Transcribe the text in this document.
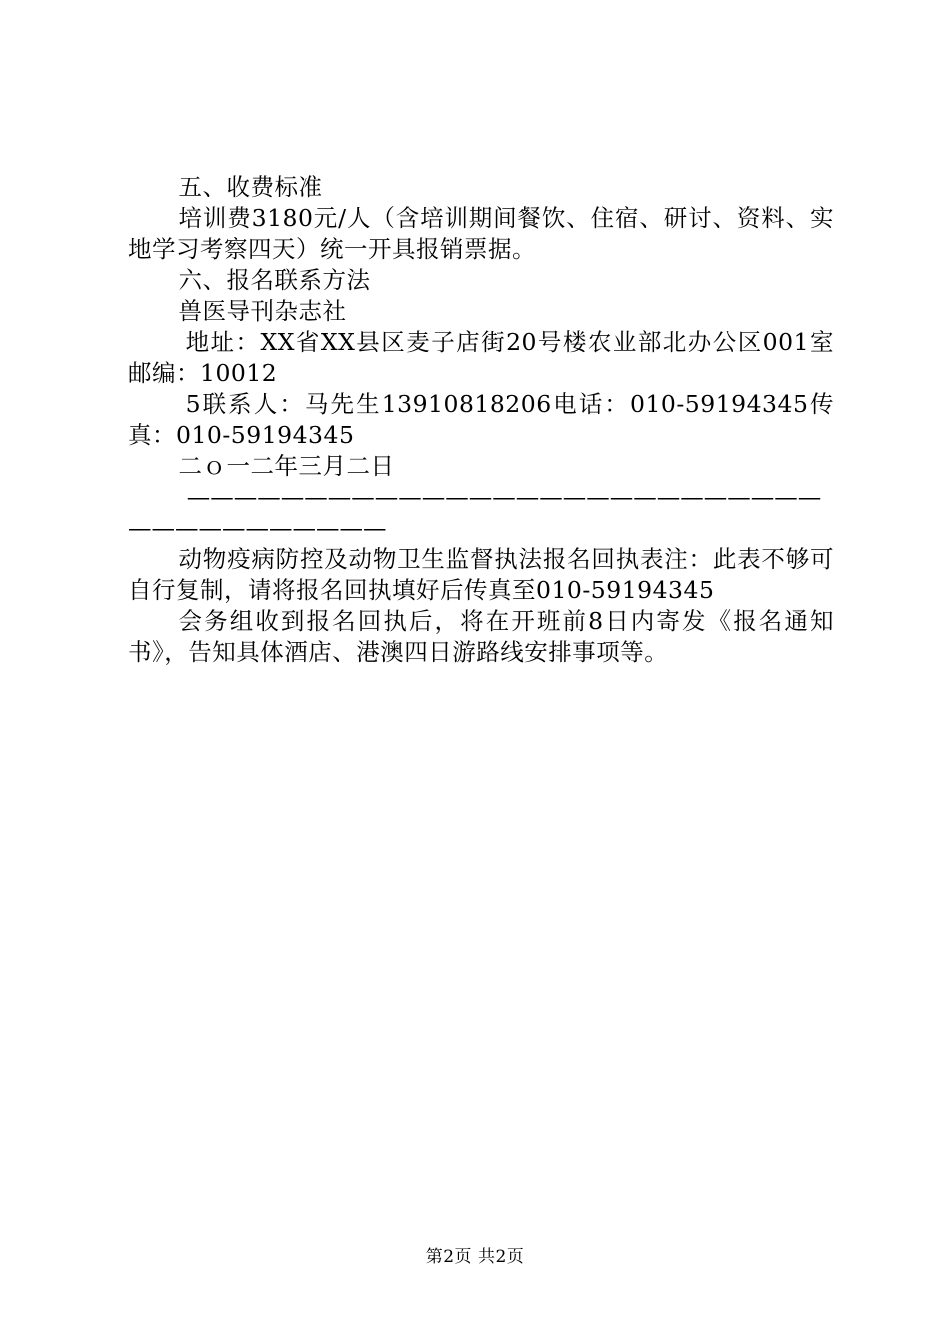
五、收费标准

培训费3180元/人（含培训期间餐饮、住宿、研讨、资料、实地学习考察四天）统一开具报销票据。

六、报名联系方法

兽医导刊杂志社

地址：XX省XX县区麦子店街20号楼农业部北办公区001室邮编：10012

5联系人：马先生13910818206电话：010-59194345传真：010-59194345

二ｏ一二年三月二日

——————————————————————————————————————

动物疫病防控及动物卫生监督执法报名回执表注：此表不够可自行复制，请将报名回执填好后传真至010-59194345

会务组收到报名回执后，将在开班前8日内寄发《报名通知书》，告知具体酒店、港澳四日游路线安排事项等。

第2页 共2页
